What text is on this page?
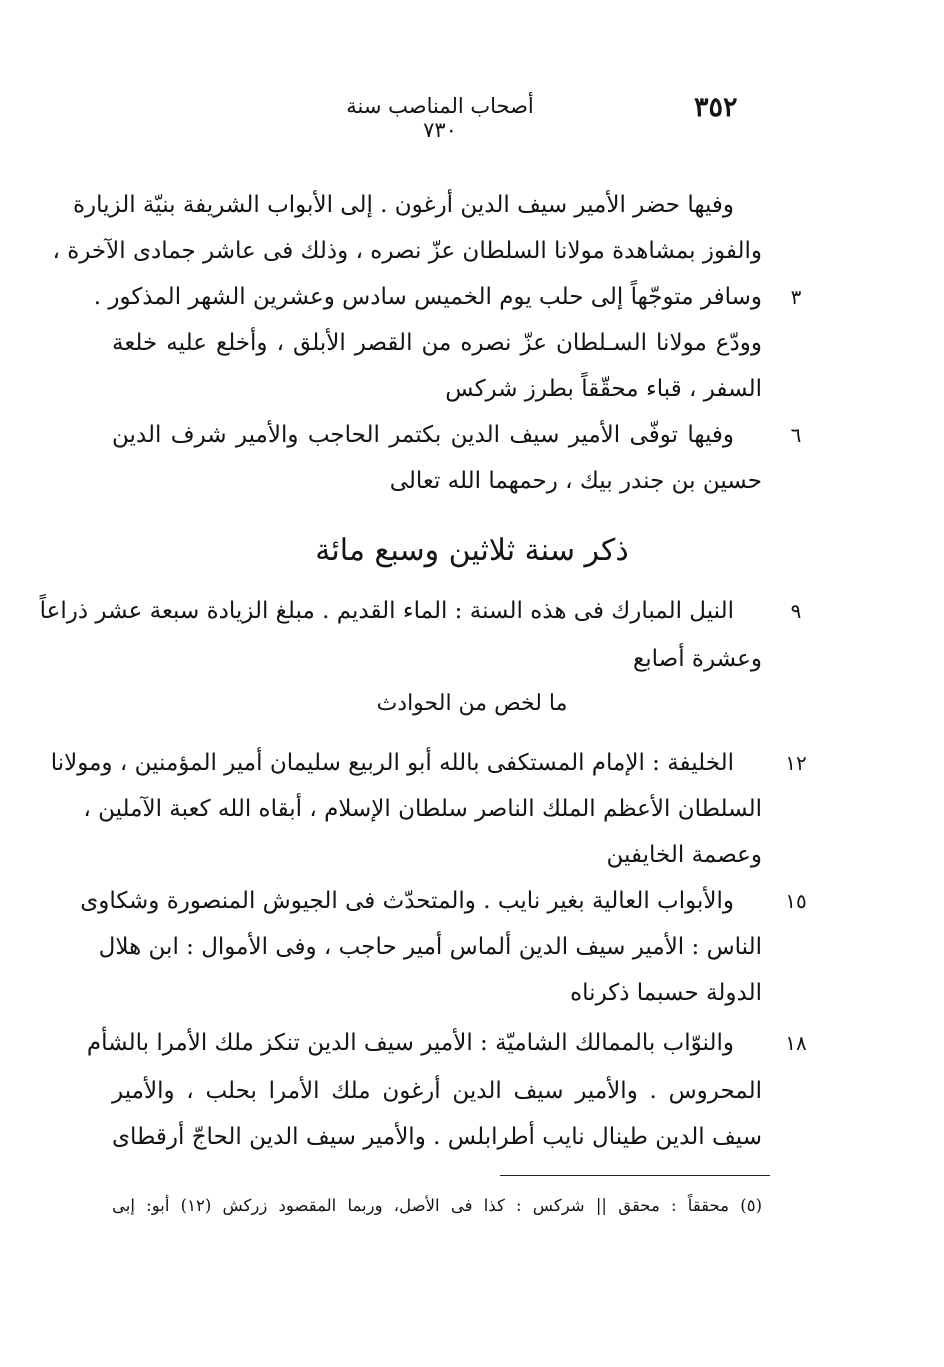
٣٥٢
أصحاب المناصب سنة ٧٣٠
وفيها حضر الأمير سيف الدين أرغون . إلى الأبواب الشريفة بنيّة الزيارة
والفوز بمشاهدة مولانا السلطان عزّ نصره ، وذلك فى عاشر جمادى الآخرة ،
وسافر متوجّهاً إلى حلب يوم الخميس سادس وعشرين الشهر المذكور .	٣
وودّع مولانا السـلطان عزّ نصره من القصر الأبلق ، وأخلع عليه خلعة
السفر ، قباء محقّقاً بطرز شركس
وفيها توفّى الأمير سيف الدين بكتمر الحاجب والأمير شرف الدين	٦
حسين بن جندر بيك ، رحمهما الله تعالى
ذكر سنة ثلاثين وسبع مائة
النيل المبارك فى هذه السنة : الماء القديم . مبلغ الزيادة سبعة عشر ذراعاً	٩
وعشرة أصابع
ما لخص من الحوادث
الخليفة : الإمام المستكفى بالله أبو الربيع سليمان أمير المؤمنين ، ومولانا	١٢
السلطان الأعظم الملك الناصر سلطان الإسلام ، أبقاه الله كعبة الآملين ،
وعصمة الخايفين
والأبواب العالية بغير نايب . والمتحدّث فى الجيوش المنصورة وشكاوى	١٥
الناس : الأمير سيف الدين ألماس أمير حاجب ، وفى الأموال : ابن هلال
الدولة حسبما ذكرناه
والنوّاب بالممالك الشاميّة : الأمير سيف الدين تنكز ملك الأمرا بالشأم	١٨
المحروس . والأمير سيف الدين أرغون ملك الأمرا بحلب ، والأمير
سيف الدين طينال نايب أطرابلس . والأمير سيف الدين الحاجّ أرقطاى
(٥) محققاً : محقق || شركس : كذا فى الأصل، وربما المقصود زركش (١٢) أبو: إبى
